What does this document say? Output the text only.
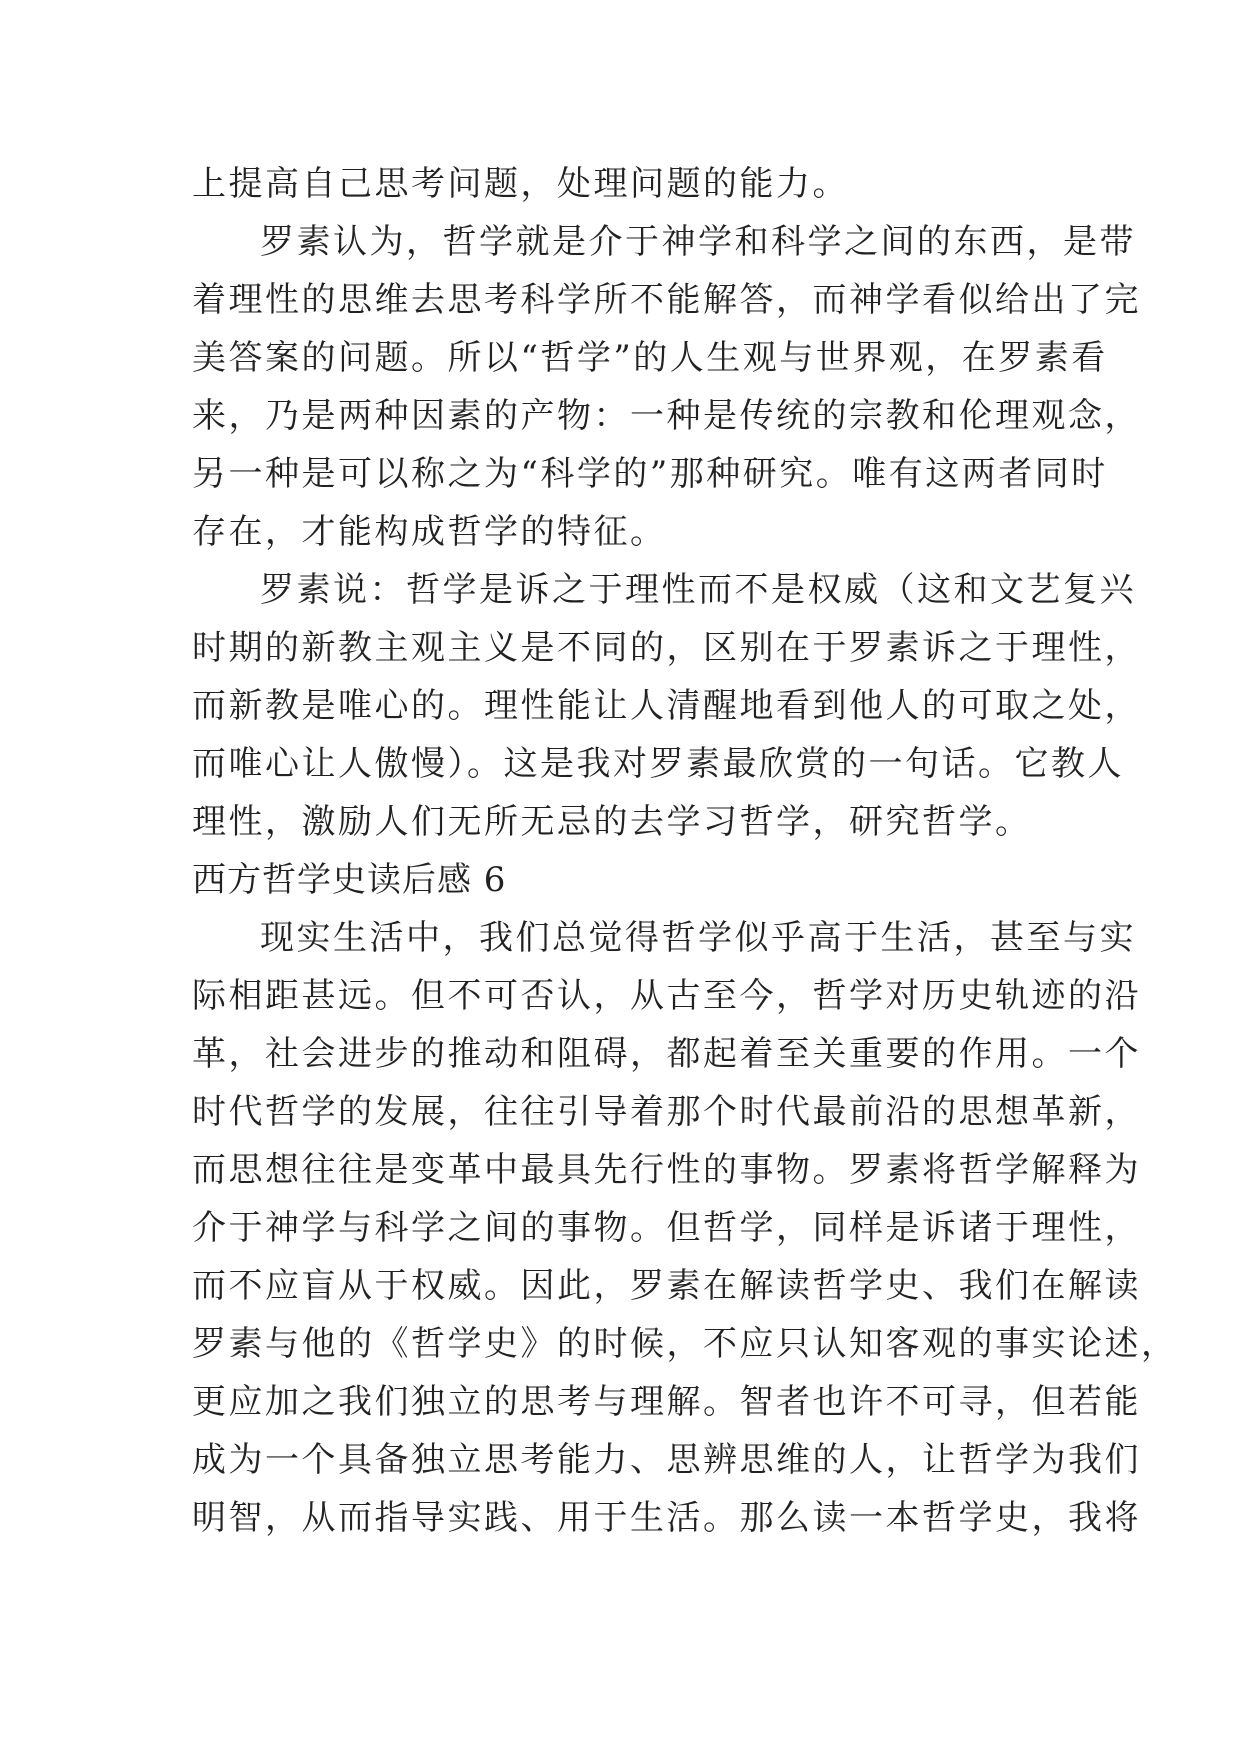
上提高自己思考问题，处理问题的能力。
罗素认为，哲学就是介于神学和科学之间的东西，是带
着理性的思维去思考科学所不能解答，而神学看似给出了完
美答案的问题。所以“哲学”的人生观与世界观，在罗素看
来，乃是两种因素的产物：一种是传统的宗教和伦理观念，
另一种是可以称之为“科学的”那种研究。唯有这两者同时
存在，才能构成哲学的特征。
罗素说：哲学是诉之于理性而不是权威（这和文艺复兴
时期的新教主观主义是不同的，区别在于罗素诉之于理性，
而新教是唯心的。理性能让人清醒地看到他人的可取之处，
而唯心让人傲慢）。这是我对罗素最欣赏的一句话。它教人
理性，激励人们无所无忌的去学习哲学，研究哲学。
西方哲学史读后感 6
现实生活中，我们总觉得哲学似乎高于生活，甚至与实
际相距甚远。但不可否认，从古至今，哲学对历史轨迹的沿
革，社会进步的推动和阻碍，都起着至关重要的作用。一个
时代哲学的发展，往往引导着那个时代最前沿的思想革新，
而思想往往是变革中最具先行性的事物。罗素将哲学解释为
介于神学与科学之间的事物。但哲学，同样是诉诸于理性，
而不应盲从于权威。因此，罗素在解读哲学史、我们在解读
罗素与他的《哲学史》的时候，不应只认知客观的事实论述，
更应加之我们独立的思考与理解。智者也许不可寻，但若能
成为一个具备独立思考能力、思辨思维的人，让哲学为我们
明智，从而指导实践、用于生活。那么读一本哲学史，我将
